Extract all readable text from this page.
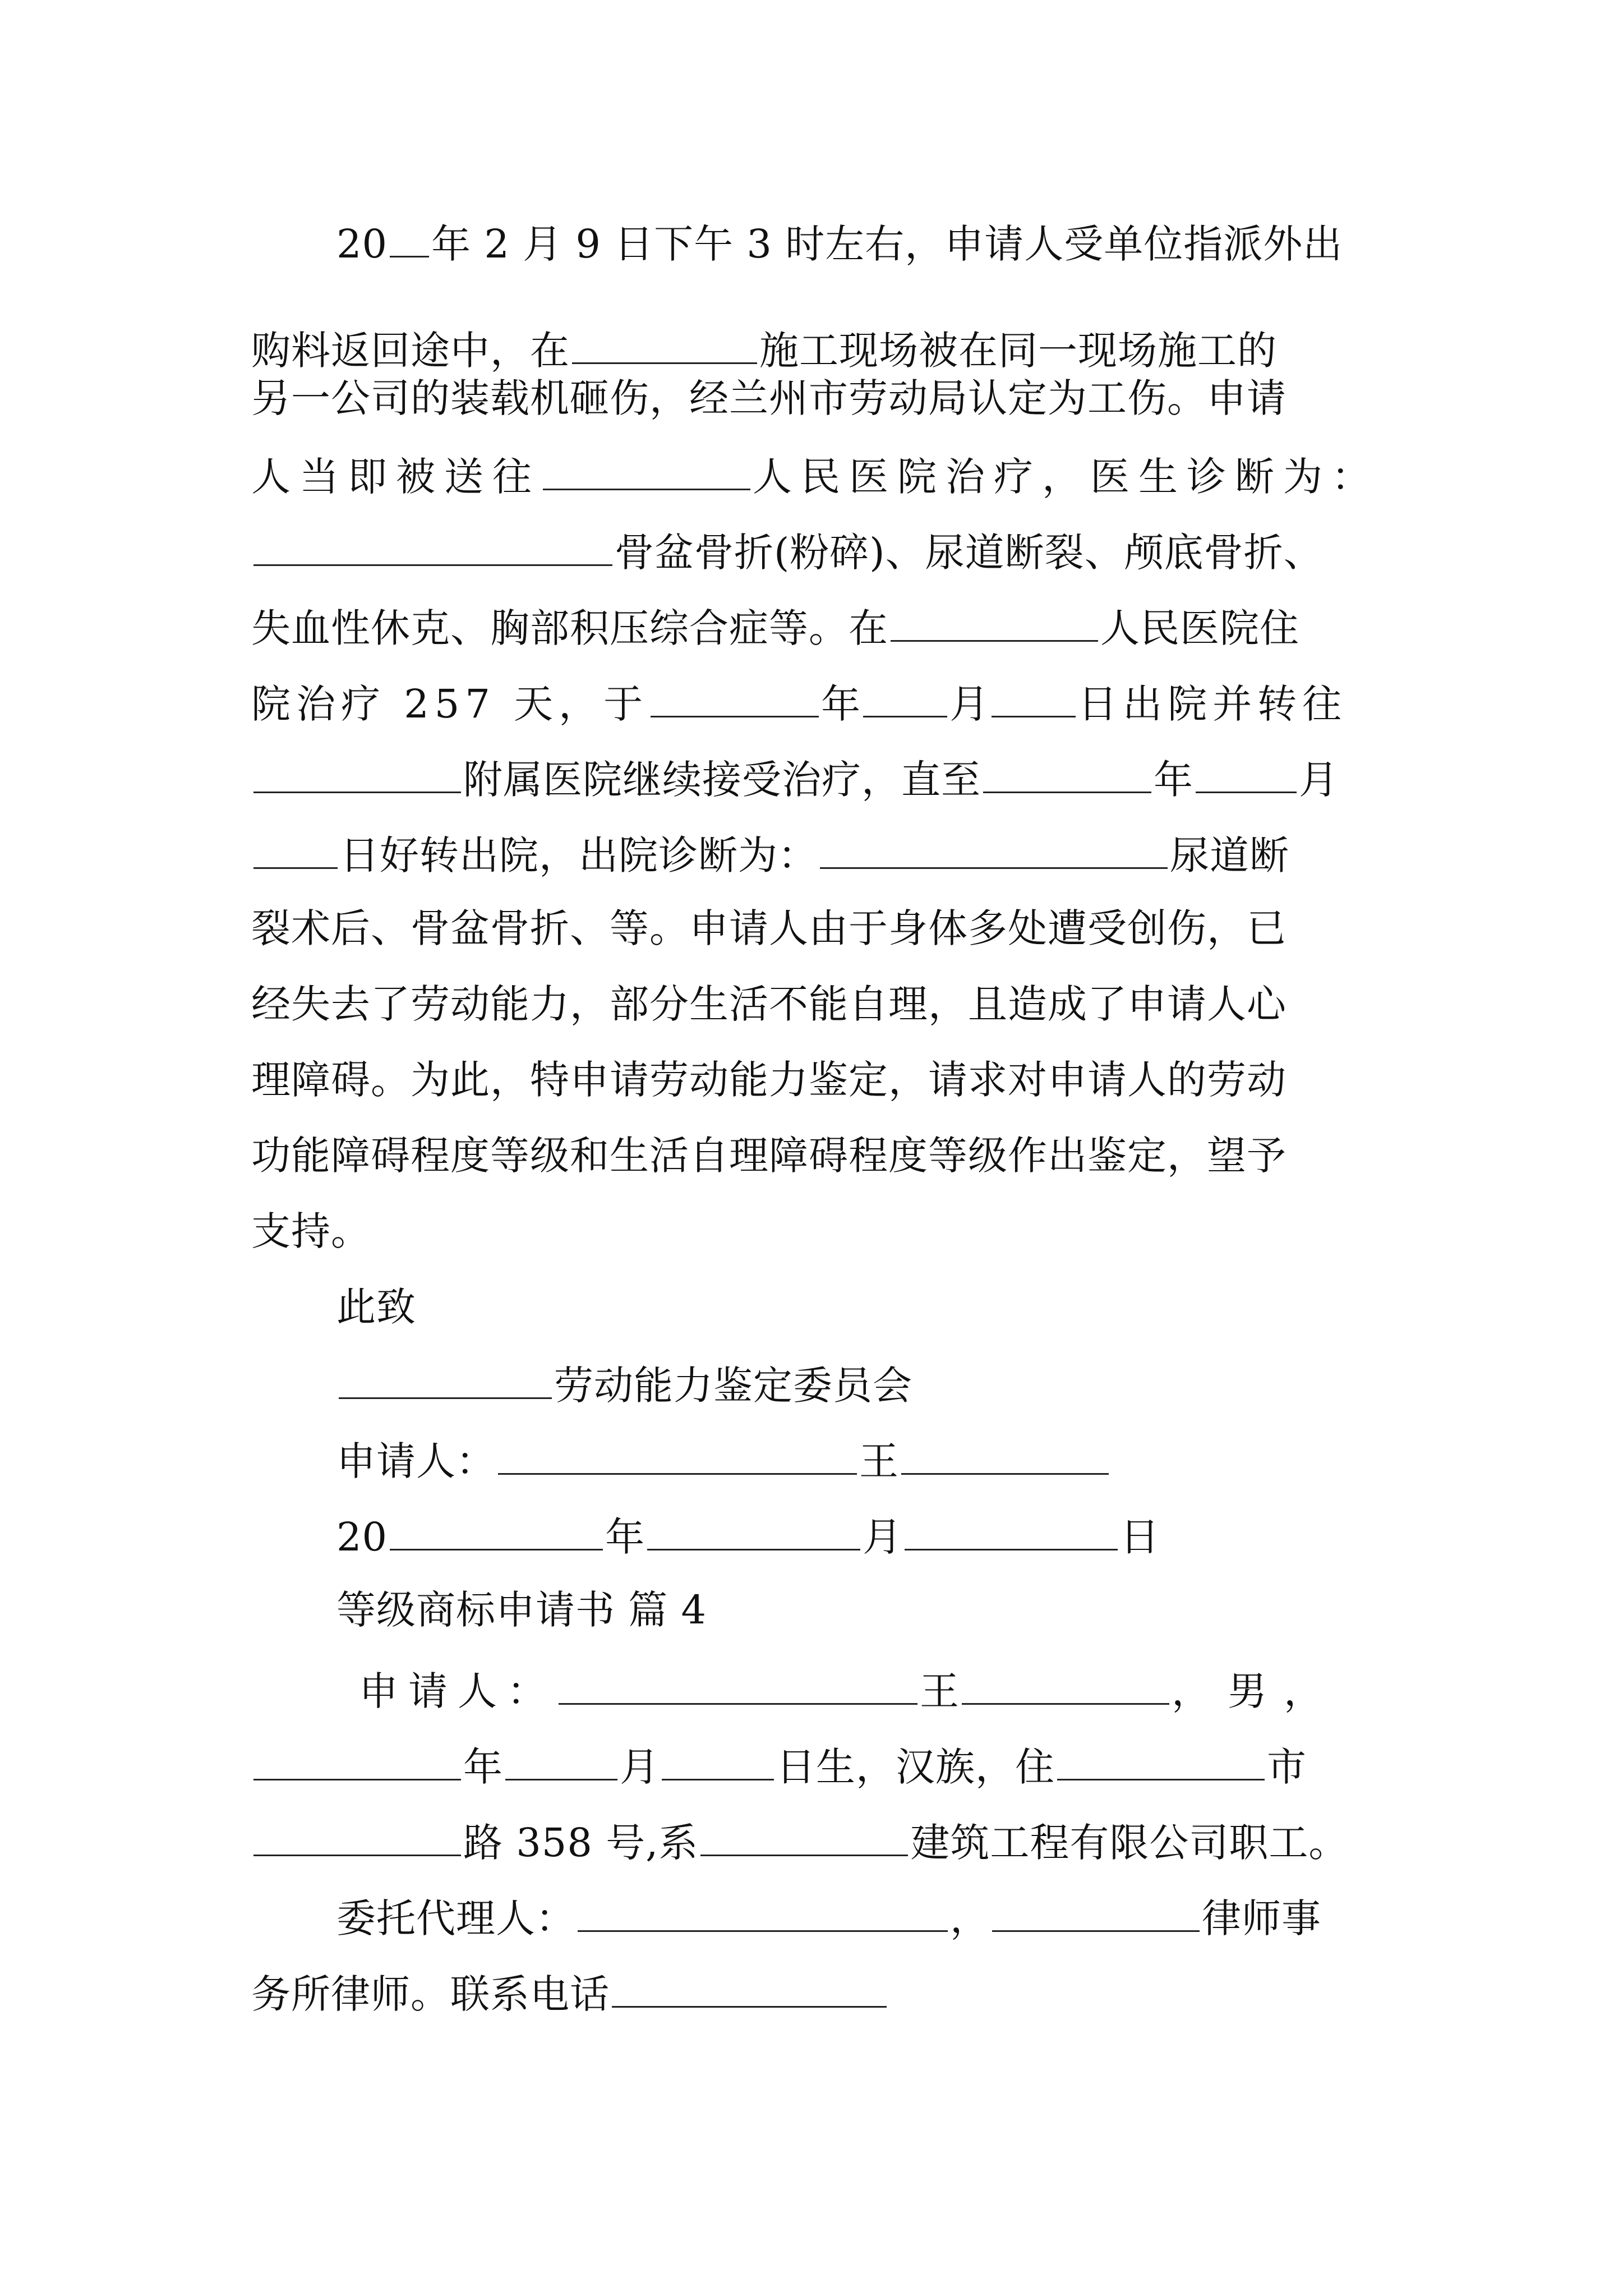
20 年 2 月 9 日下午 3 时左右，申请人受单位指派外出
购料返回途中，在	施工现场被在同一现场施工的
另一公司的装载机砸伤，经兰州市劳动局认定为工伤。申请
人当即被送往	人民医院治疗，医生诊断为：
骨盆骨折(粉碎)、尿道断裂、颅底骨折、
失血性休克、胸部积压综合症等。在	人民医院住
院治疗 257 天，于	年 月 日出院并转往
附属医院继续接受治疗，直至	年	月
日好转出院，出院诊断为：	尿道断
裂术后、骨盆骨折、等。申请人由于身体多处遭受创伤，已
经失去了劳动能力，部分生活不能自理，且造成了申请人心
理障碍。为此，特申请劳动能力鉴定，请求对申请人的劳动
功能障碍程度等级和生活自理障碍程度等级作出鉴定，望予
支持。
此致
劳动能力鉴定委员会
申请人：	王
20	年	月	日
等级商标申请书 篇 4
申请人：	王	，男，
年	月	日生，汉族，住	市
路 358 号,系	建筑工程有限公司职工。
委托代理人：	，	律师事
务所律师。联系电话
